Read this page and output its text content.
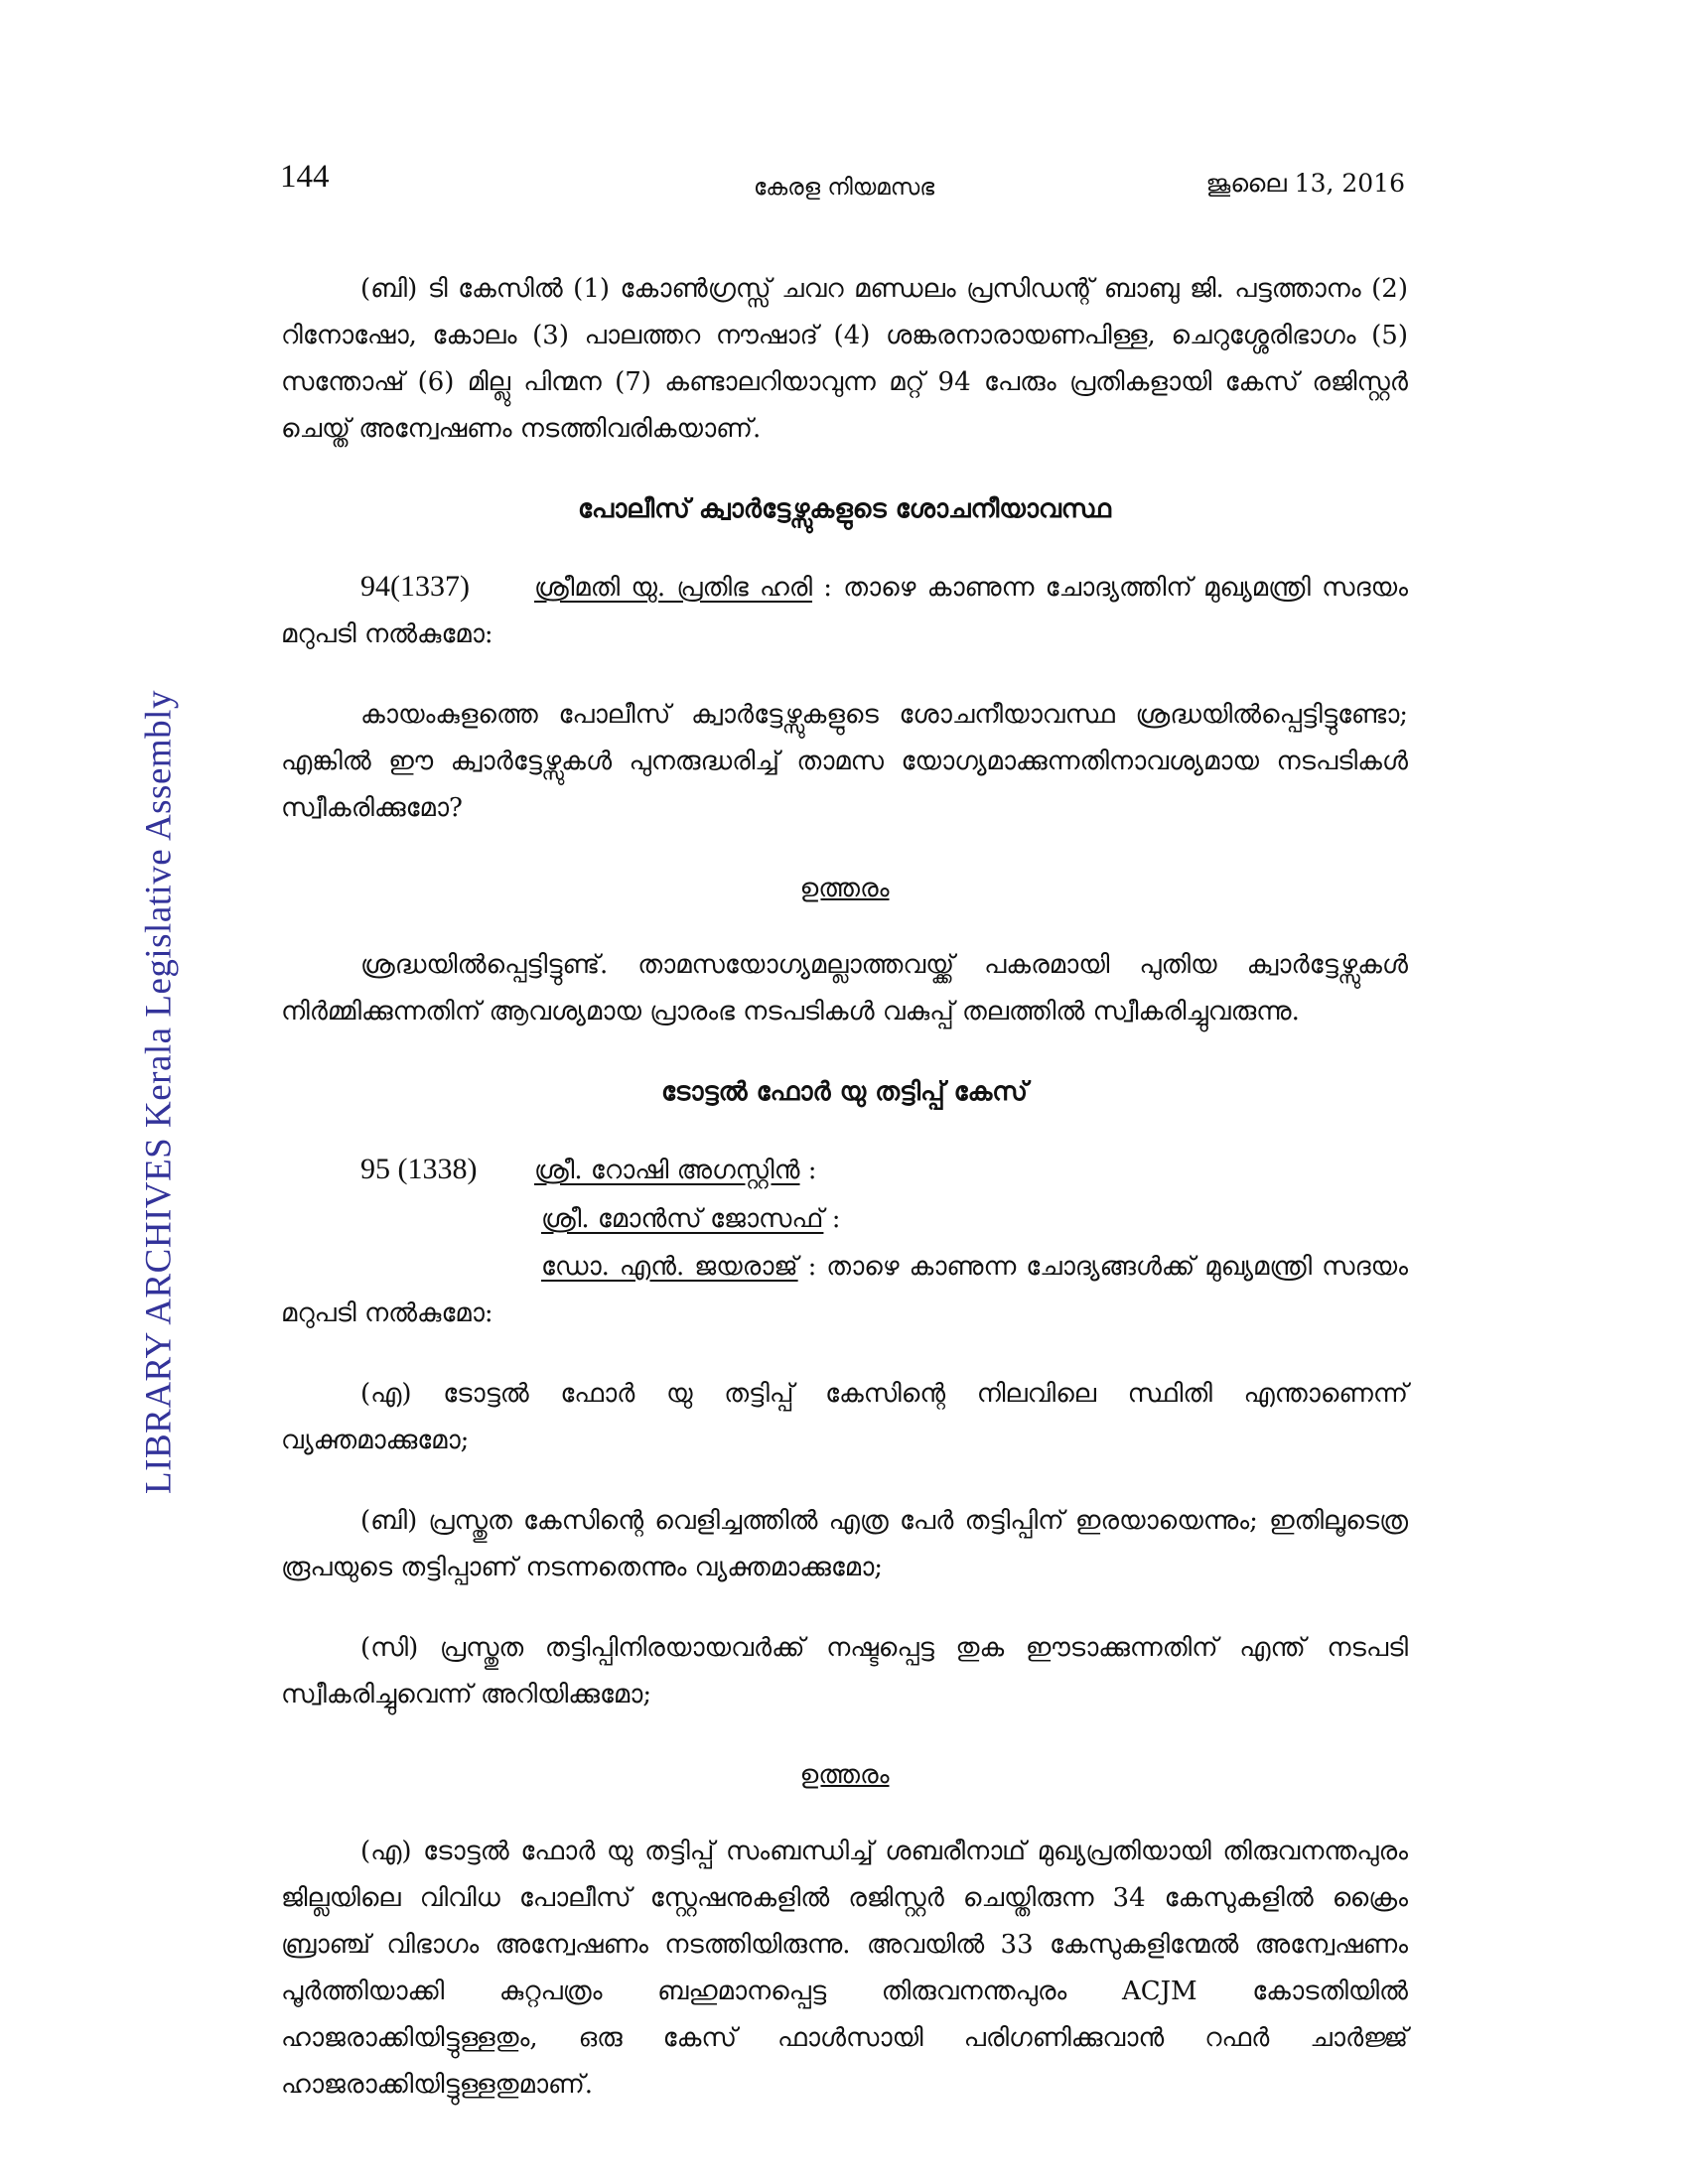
LIBRARY ARCHIVES Kerala Legislative Assembly
144	കേരള നിയമസഭ	ജൂലൈ 13, 2016

(ബി) ടി കേസിൽ (1) കോൺഗ്രസ്സ് ചവറ മണ്ഡലം പ്രസിഡന്റ് ബാബു ജി. പട്ടത്താനം (2) റിനോഷോ, കോലം (3) പാലത്തറ നൗഷാദ് (4) ശങ്കരനാരായണപിള്ള, ചെറുശ്ശേരിഭാഗം (5) സന്തോഷ് (6) മില്ലു പിന്മന (7) കണ്ടാലറിയാവുന്ന മറ്റ് 94 പേരും പ്രതികളായി കേസ് രജിസ്റ്റർ ചെയ്ത് അന്വേഷണം നടത്തിവരികയാണ്.

പോലീസ് ക്വാർട്ടേഴ്സുകളുടെ ശോചനീയാവസ്ഥ

94(1337)	ശ്രീമതി യു. പ്രതിഭ ഹരി : താഴെ കാണുന്ന ചോദ്യത്തിന് മുഖ്യമന്ത്രി സദയം മറുപടി നൽകുമോ:

കായംകുളത്തെ പോലീസ് ക്വാർട്ടേഴ്സുകളുടെ ശോചനീയാവസ്ഥ ശ്രദ്ധയിൽപ്പെട്ടിട്ടുണ്ടോ; എങ്കിൽ ഈ ക്വാർട്ടേഴ്സുകൾ പുനരുദ്ധരിച്ച് താമസ യോഗ്യമാക്കുന്നതിനാവശ്യമായ നടപടികൾ സ്വീകരിക്കുമോ?

ഉത്തരം

ശ്രദ്ധയിൽപ്പെട്ടിട്ടുണ്ട്. താമസയോഗ്യമല്ലാത്തവയ്ക്ക് പകരമായി പുതിയ ക്വാർട്ടേഴ്സുകൾ നിർമ്മിക്കുന്നതിന് ആവശ്യമായ പ്രാരംഭ നടപടികൾ വകുപ്പ് തലത്തിൽ സ്വീകരിച്ചുവരുന്നു.

ടോട്ടൽ ഫോർ യു തട്ടിപ്പ് കേസ്
95 (1338) ശ്രീ. റോഷി അഗസ്റ്റിൻ :
ശ്രീ. മോൻസ് ജോസഫ് :

ഡോ. എൻ. ജയരാജ് : താഴെ കാണുന്ന ചോദ്യങ്ങൾക്ക് മുഖ്യമന്ത്രി സദയം മറുപടി നൽകുമോ:

(എ) ടോട്ടൽ ഫോർ യു തട്ടിപ്പ് കേസിന്റെ നിലവിലെ സ്ഥിതി എന്താണെന്ന് വ്യക്തമാക്കുമോ;

(ബി) പ്രസ്തുത കേസിന്റെ വെളിച്ചത്തിൽ എത്ര പേർ തട്ടിപ്പിന് ഇരയായെന്നും; ഇതിലൂടെത്ര രൂപയുടെ തട്ടിപ്പാണ് നടന്നതെന്നും വ്യക്തമാക്കുമോ;

(സി) പ്രസ്തുത തട്ടിപ്പിനിരയായവർക്ക് നഷ്ടപ്പെട്ട തുക ഈടാക്കുന്നതിന് എന്ത് നടപടി സ്വീകരിച്ചുവെന്ന് അറിയിക്കുമോ;

ഉത്തരം

(എ) ടോട്ടൽ ഫോർ യു തട്ടിപ്പ് സംബന്ധിച്ച് ശബരീനാഥ് മുഖ്യപ്രതിയായി തിരുവനന്തപുരം ജില്ലയിലെ വിവിധ പോലീസ് സ്റ്റേഷനുകളിൽ രജിസ്റ്റർ ചെയ്തിരുന്ന 34 കേസുകളിൽ ക്രൈം ബ്രാഞ്ച് വിഭാഗം അന്വേഷണം നടത്തിയിരുന്നു. അവയിൽ 33 കേസുകളിന്മേൽ അന്വേഷണം പൂർത്തിയാക്കി കുറ്റപത്രം ബഹുമാനപ്പെട്ട തിരുവനന്തപുരം ACJM കോടതിയിൽ ഹാജരാക്കിയിട്ടുള്ളതും, ഒരു കേസ് ഫാൾസായി പരിഗണിക്കുവാൻ റഫർ ചാർജ്ജ് ഹാജരാക്കിയിട്ടുള്ളതുമാണ്.
